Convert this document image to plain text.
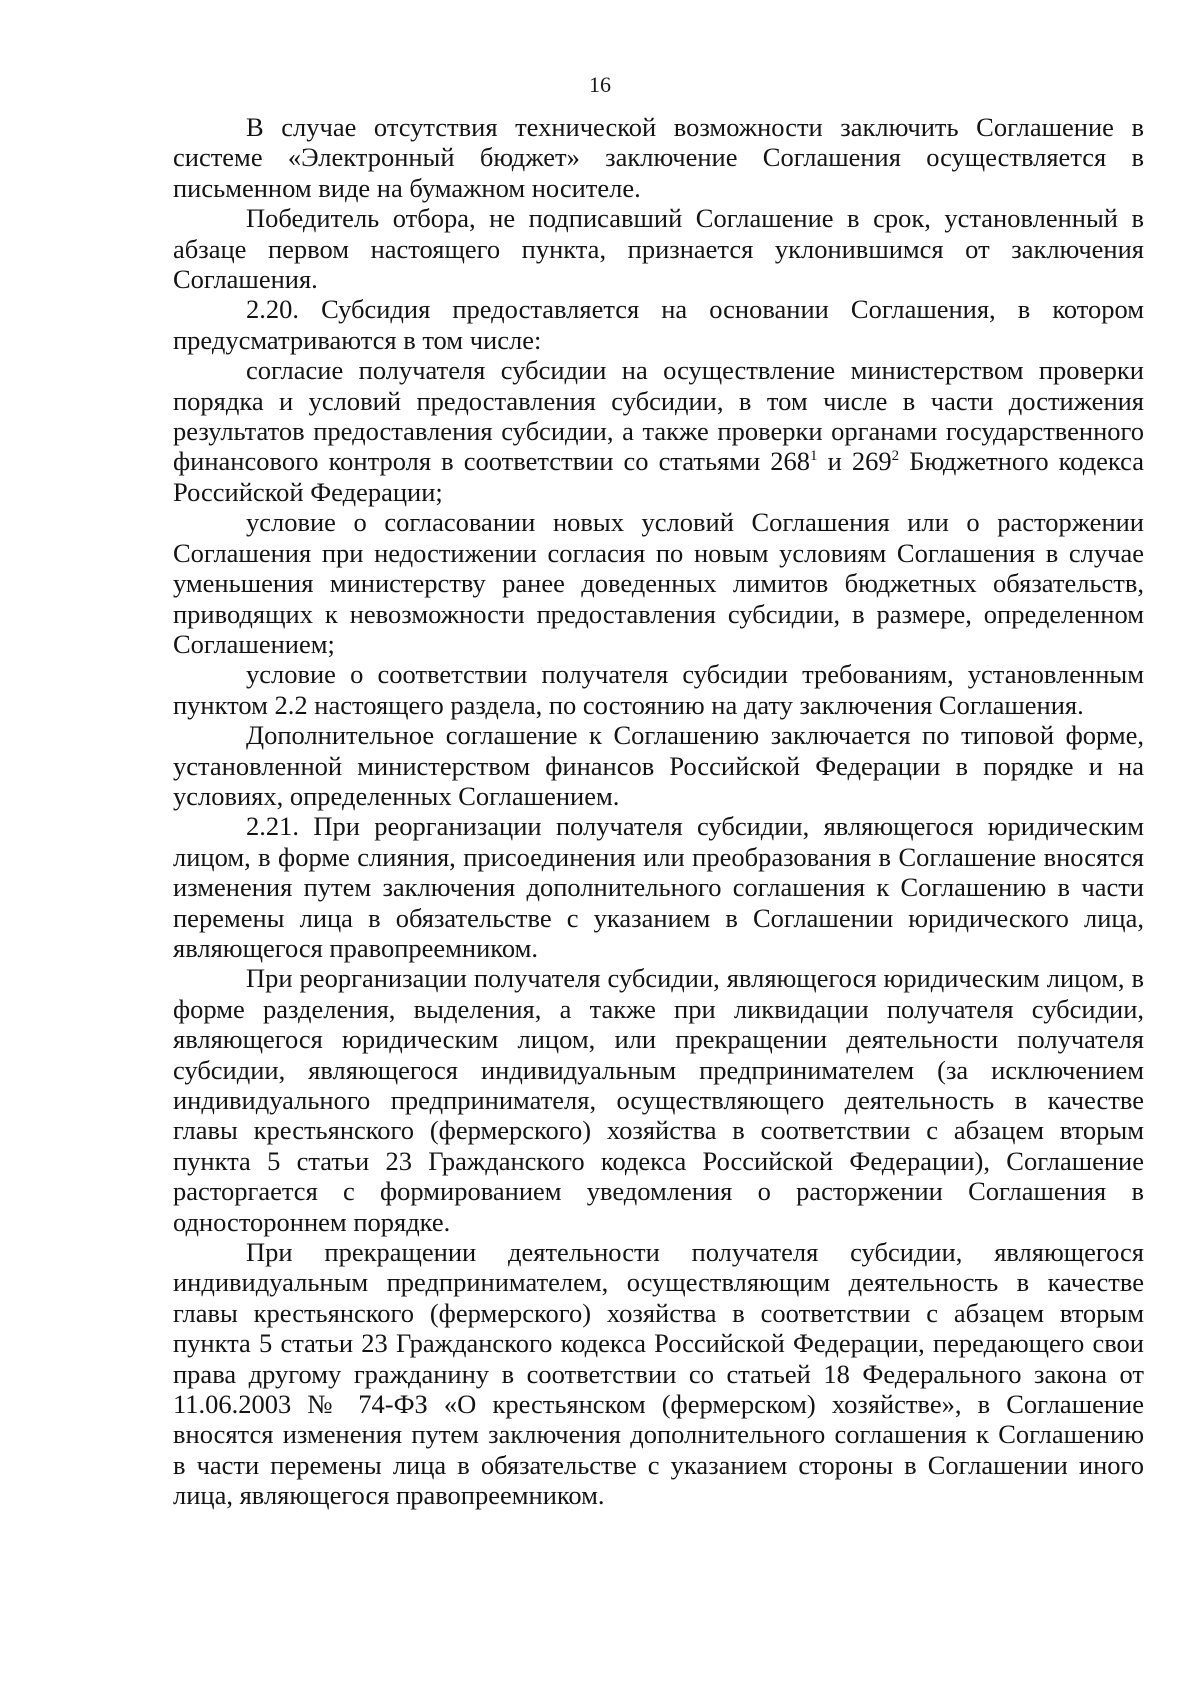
16

В случае отсутствия технической возможности заключить Соглашение в системе «Электронный бюджет» заключение Соглашения осуществляется в письменном виде на бумажном носителе.

Победитель отбора, не подписавший Соглашение в срок, установленный в абзаце первом настоящего пункта, признается уклонившимся от заключения Соглашения.

2.20. Субсидия предоставляется на основании Соглашения, в котором предусматриваются в том числе:

согласие получателя субсидии на осуществление министерством проверки порядка и условий предоставления субсидии, в том числе в части достижения результатов предоставления субсидии, а также проверки органами государственного финансового контроля в соответствии со статьями $268^1$ и $269^2$ Бюджетного кодекса Российской Федерации;

условие о согласовании новых условий Соглашения или о расторжении Соглашения при недостижении согласия по новым условиям Соглашения в случае уменьшения министерству ранее доведенных лимитов бюджетных обязательств, приводящих к невозможности предоставления субсидии, в размере, определенном Соглашением;

условие о соответствии получателя субсидии требованиям, установленным пунктом 2.2 настоящего раздела, по состоянию на дату заключения Соглашения.

Дополнительное соглашение к Соглашению заключается по типовой форме, установленной министерством финансов Российской Федерации в порядке и на условиях, определенных Соглашением.

2.21. При реорганизации получателя субсидии, являющегося юридическим лицом, в форме слияния, присоединения или преобразования в Соглашение вносятся изменения путем заключения дополнительного соглашения к Соглашению в части перемены лица в обязательстве с указанием в Соглашении юридического лица, являющегося правопреемником.

При реорганизации получателя субсидии, являющегося юридическим лицом, в форме разделения, выделения, а также при ликвидации получателя субсидии, являющегося юридическим лицом, или прекращении деятельности получателя субсидии, являющегося индивидуальным предпринимателем (за исключением индивидуального предпринимателя, осуществляющего деятельность в качестве главы крестьянского (фермерского) хозяйства в соответствии с абзацем вторым пункта 5 статьи 23 Гражданского кодекса Российской Федерации), Соглашение расторгается с формированием уведомления о расторжении Соглашения в одностороннем порядке.

При прекращении деятельности получателя субсидии, являющегося индивидуальным предпринимателем, осуществляющим деятельность в качестве главы крестьянского (фермерского) хозяйства в соответствии с абзацем вторым пункта 5 статьи 23 Гражданского кодекса Российской Федерации, передающего свои права другому гражданину в соответствии со статьей 18 Федерального закона от 11.06.2003 № 74-ФЗ «О крестьянском (фермерском) хозяйстве», в Соглашение вносятся изменения путем заключения дополнительного соглашения к Соглашению в части перемены лица в обязательстве с указанием стороны в Соглашении иного лица, являющегося правопреемником.
